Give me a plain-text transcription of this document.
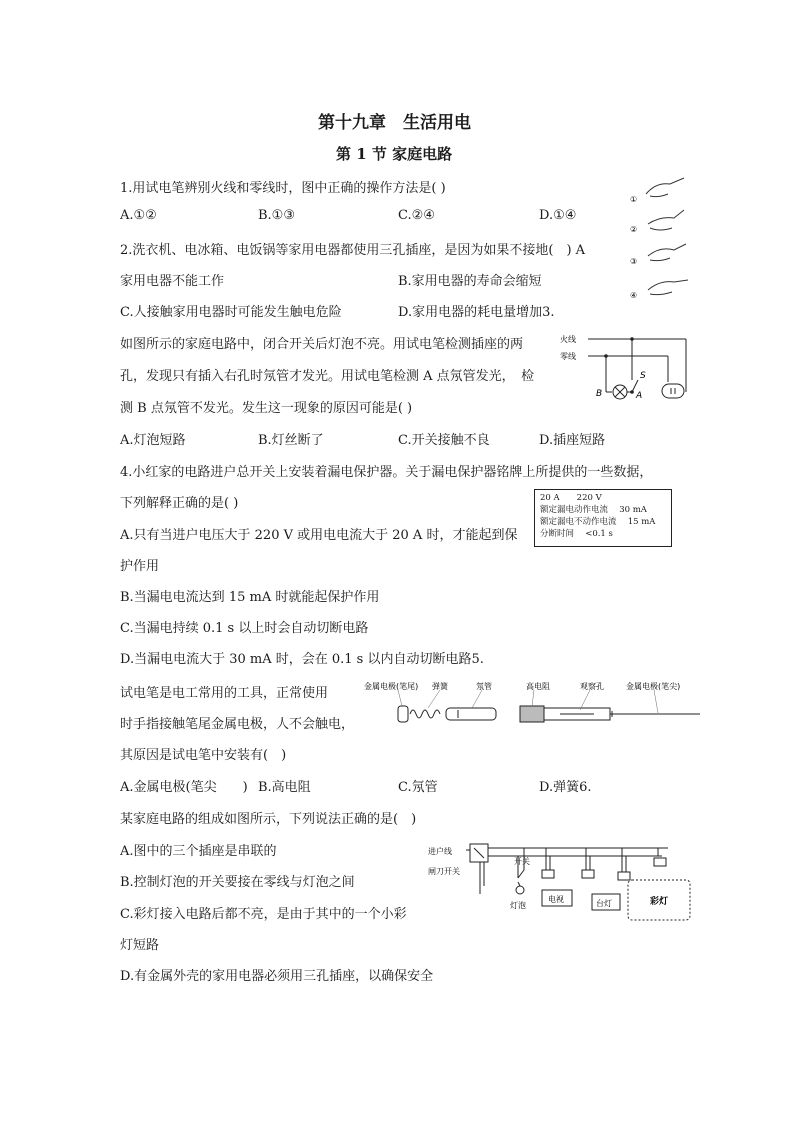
第十九章　生活用电
第 1 节 家庭电路
1.用试电笔辨别火线和零线时，图中正确的操作方法是( )
A.①②	B.①③	C.②④	D.①④
①
②
③
④
2.洗衣机、电冰箱、电饭锅等家用电器都使用三孔插座，是因为如果不接地(　) A
家用电器不能工作	B.家用电器的寿命会缩短
C.人接触家用电器时可能发生触电危险	D.家用电器的耗电量增加3.
如图所示的家庭电路中，闭合开关后灯泡不亮。用试电笔检测插座的两
孔，发现只有插入右孔时氖管才发光。用试电笔检测 A 点氖管发光，　检
测 B 点氖管不发光。发生这一现象的原因可能是( )
火线
零线
B	A
S
A.灯泡短路	B.灯丝断了	C.开关接触不良	D.插座短路
4.小红家的电路进户总开关上安装着漏电保护器。关于漏电保护器铭牌上所提供的一些数据，
下列解释正确的是( )	20 A　　220 V
额定漏电动作电流　 30 mA
额定漏电不动作电流　 15 mA
分断时间　 <0.1 s
A.只有当进户电压大于 220 V 或用电电流大于 20 A 时，才能起到保
护作用
B.当漏电电流达到 15 mA 时就能起保护作用
C.当漏电持续 0.1 s 以上时会自动切断电路
D.当漏电电流大于 30 mA 时，会在 0.1 s 以内自动切断电路5.
试电笔是电工常用的工具，正常使用
时手指接触笔尾金属电极，人不会触电，
其原因是试电笔中安装有(　)
金属电极(笔尾) 弹簧	氖管	高电阻	观察孔	金属电极(笔尖)
A.金属电极(笔尖　　) B.高电阻	C.氖管	D.弹簧6.
某家庭电路的组成如图所示，下列说法正确的是(　)
A.图中的三个插座是串联的
B.控制灯泡的开关要接在零线与灯泡之间
C.彩灯接入电路后都不亮，是由于其中的一个小彩
灯短路
D.有金属外壳的家用电器必须用三孔插座，以确保安全
进户线
闸刀开关
开关
灯泡
电视	台灯	彩灯
